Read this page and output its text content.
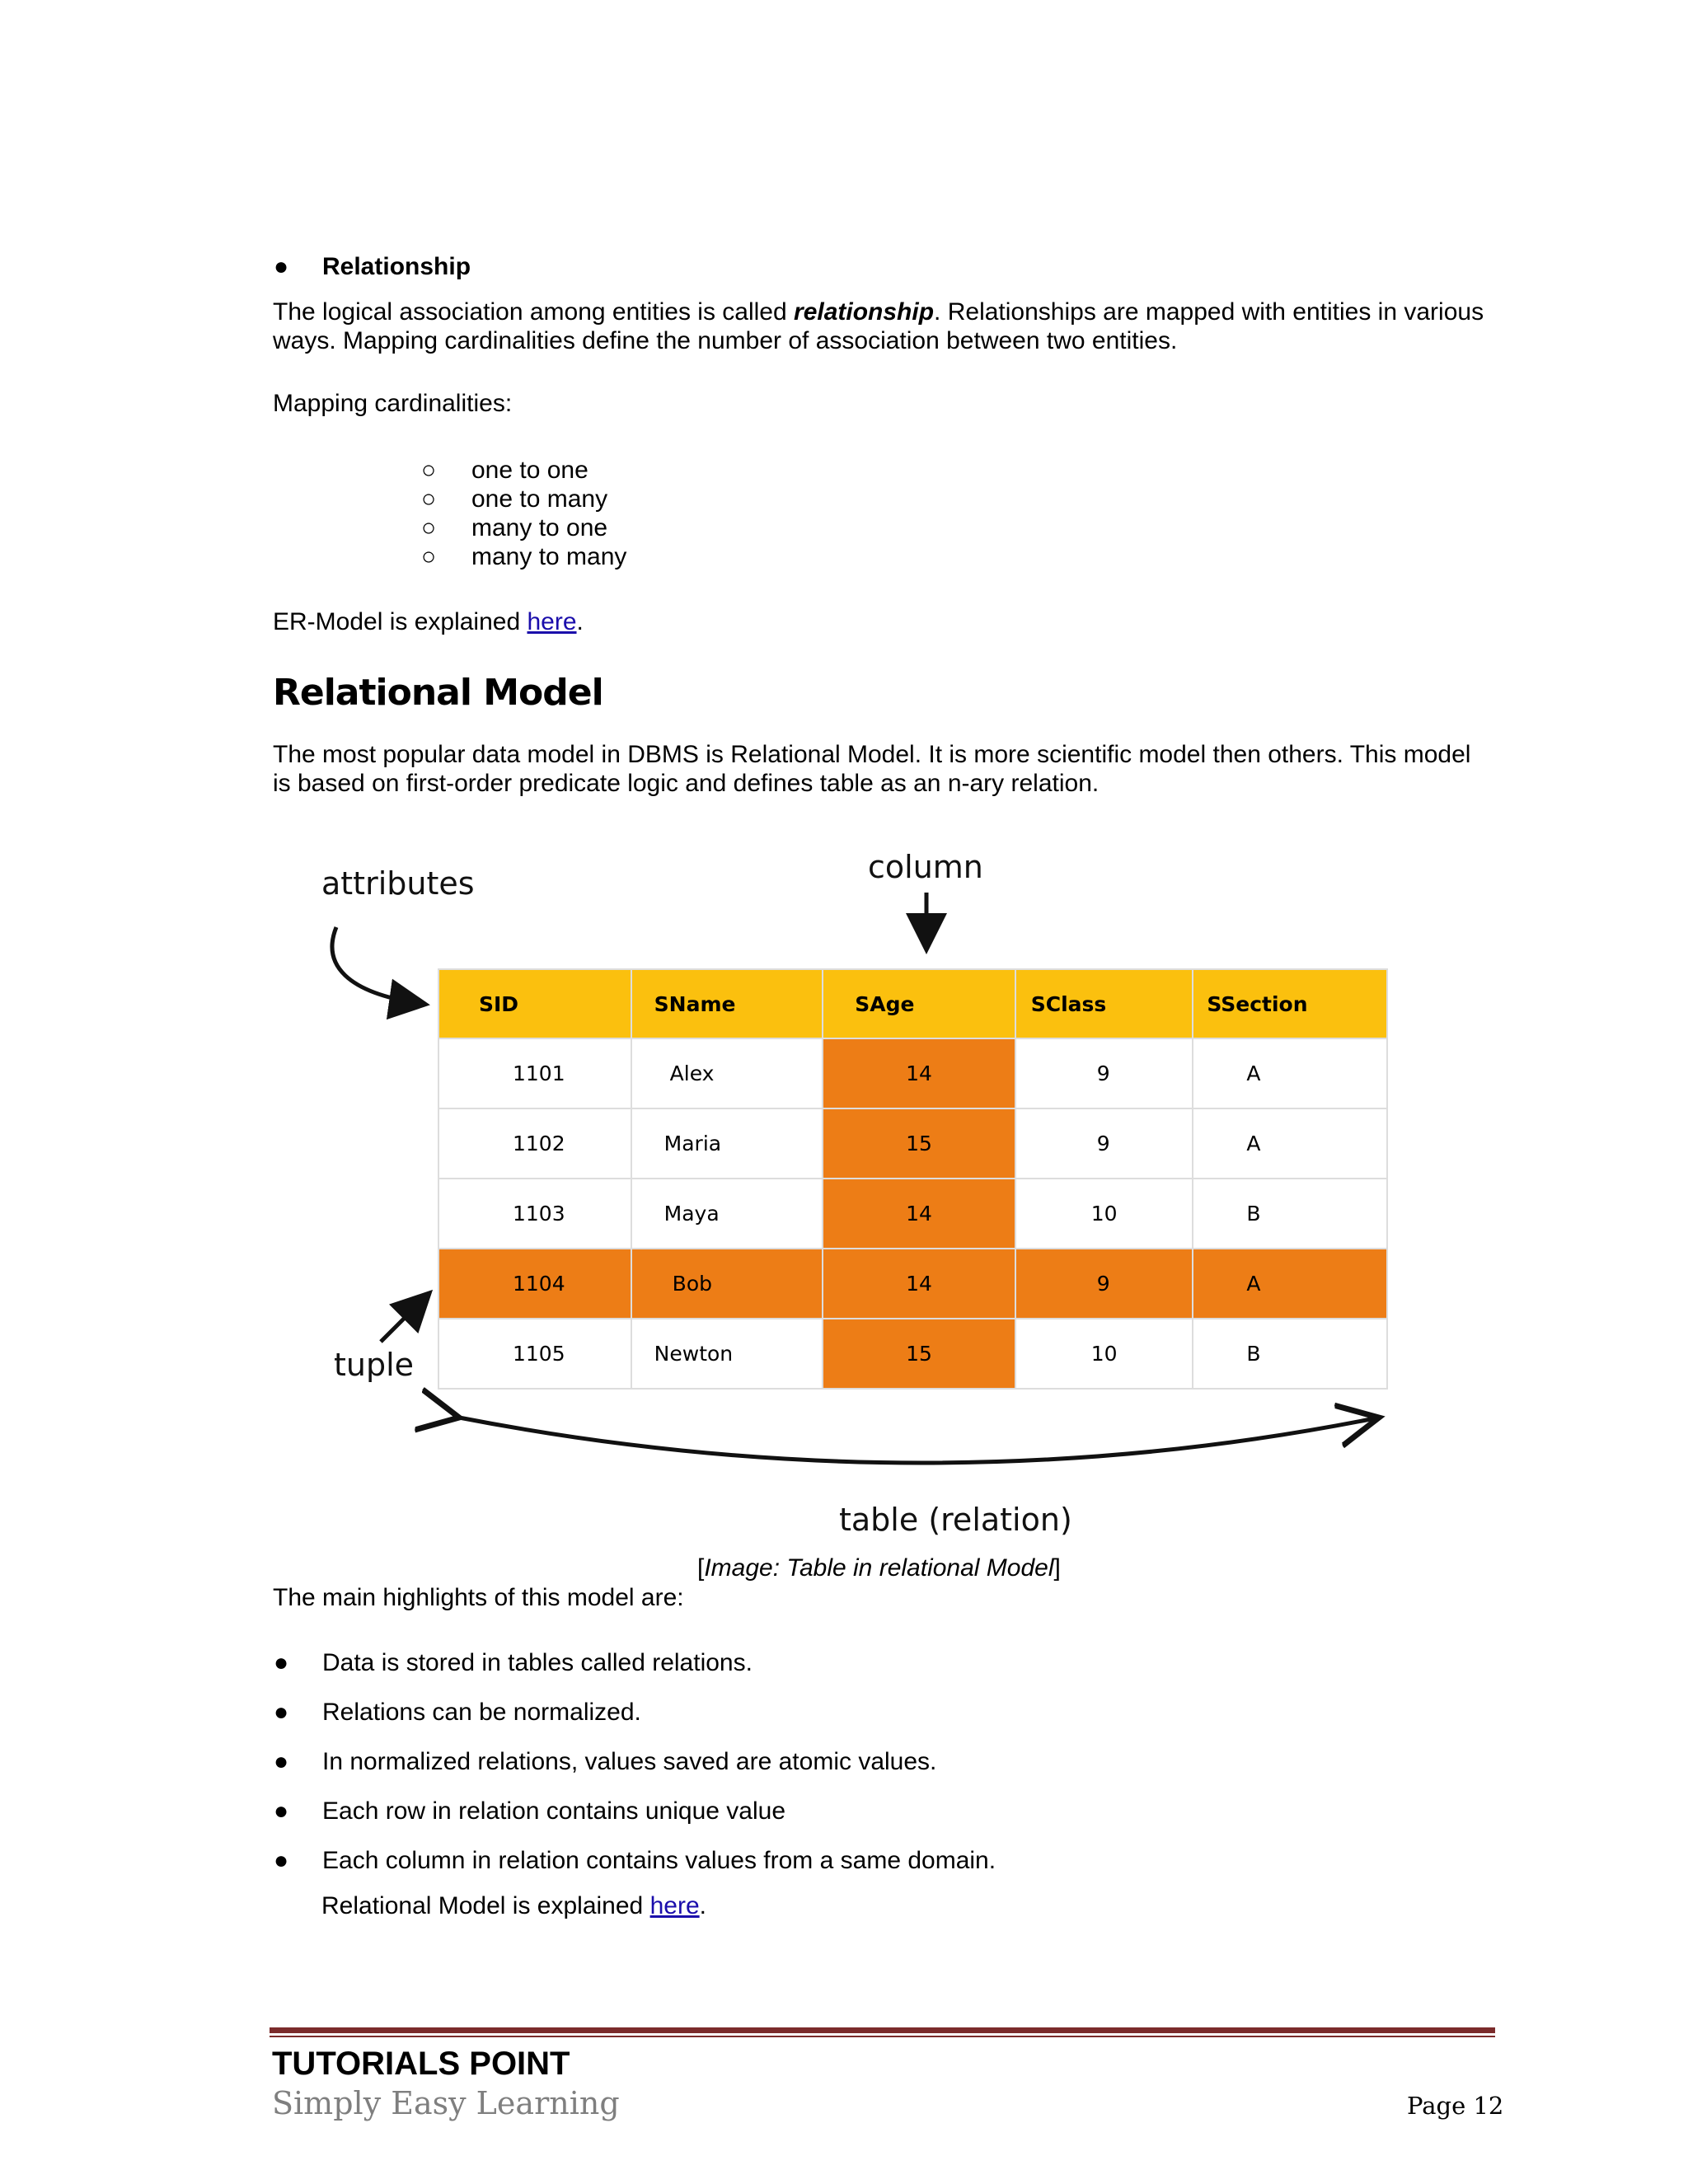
● Relationship
The logical association among entities is called relationship. Relationships are mapped with entities in various
ways. Mapping cardinalities define the number of association between two entities.
Mapping cardinalities:
○ one to one
○ one to many
○ many to one
○ many to many
ER-Model is explained here.
Relational Model
The most popular data model in DBMS is Relational Model. It is more scientific model then others. This model
is based on first-order predicate logic and defines table as an n-ary relation.
attributes	column
tuple
table (relation)
SID	SName	SAge	SClass	SSection
1101	Alex	14	9	A
1102	Maria	15	9	A
1103	Maya	14	10	B
1104	Bob	14	9	A
1105	Newton	15	10	B
[Image: Table in relational Model]
The main highlights of this model are:
● Data is stored in tables called relations.
● Relations can be normalized.
● In normalized relations, values saved are atomic values.
● Each row in relation contains unique value
● Each column in relation contains values from a same domain.
Relational Model is explained here.
TUTORIALS POINT
Simply Easy Learning	Page 12
